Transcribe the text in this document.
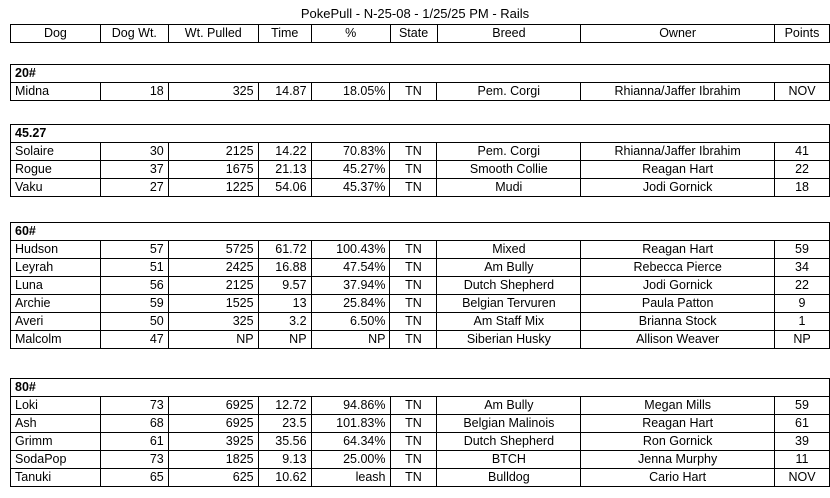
PokePull - N-25-08 - 1/25/25 PM - Rails
Dog	Dog Wt.	Wt. Pulled	Time	%	State	Breed	Owner	Points
20#
Midna	18	325	14.87	18.05%	TN	Pem. Corgi	Rhianna/Jaffer Ibrahim	NOV
45.27								
Solaire	30	2125	14.22	70.83%	TN	Pem. Corgi	Rhianna/Jaffer Ibrahim	41
Rogue	37	1675	21.13	45.27%	TN	Smooth Collie	Reagan Hart	22
Vaku	27	1225	54.06	45.37%	TN	Mudi	Jodi Gornick	18
60#								
Hudson	57	5725	61.72	100.43%	TN	Mixed	Reagan Hart	59
Leyrah	51	2425	16.88	47.54%	TN	Am Bully	Rebecca Pierce	34
Luna	56	2125	9.57	37.94%	TN	Dutch Shepherd	Jodi Gornick	22
Archie	59	1525	13	25.84%	TN	Belgian Tervuren	Paula Patton	9
Averi	50	325	3.2	6.50%	TN	Am Staff Mix	Brianna Stock	1
Malcolm	47	NP	NP	NP	TN	Siberian Husky	Allison Weaver	NP
80#								
Loki	73	6925	12.72	94.86%	TN	Am Bully	Megan Mills	59
Ash	68	6925	23.5	101.83%	TN	Belgian Malinois	Reagan Hart	61
Grimm	61	3925	35.56	64.34%	TN	Dutch Shepherd	Ron Gornick	39
SodaPop	73	1825	9.13	25.00%	TN	BTCH	Jenna Murphy	11
Tanuki	65	625	10.62	leash	TN	Bulldog	Cario Hart	NOV
